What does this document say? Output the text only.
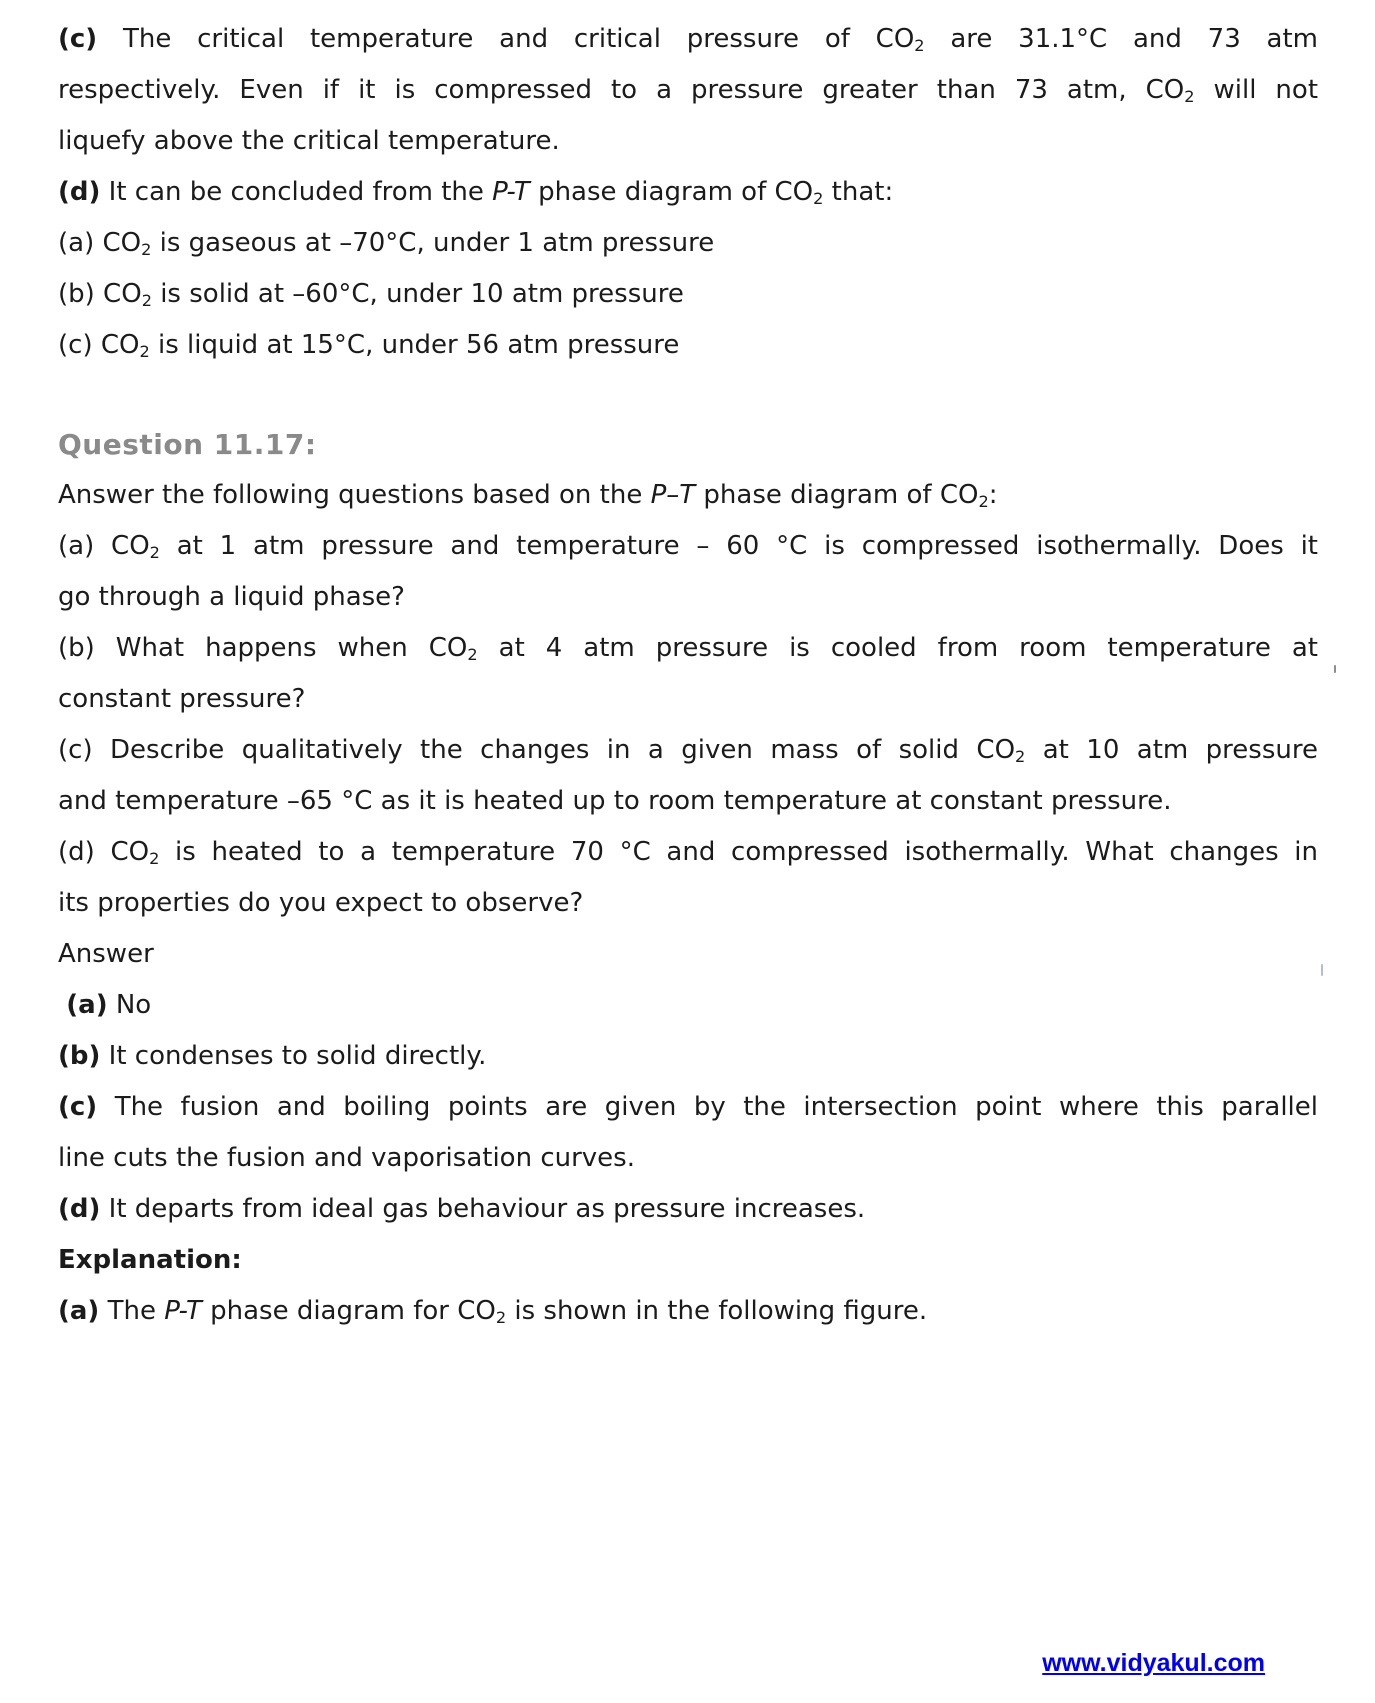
(c) The critical temperature and critical pressure of CO2 are 31.1°C and 73 atm
respectively. Even if it is compressed to a pressure greater than 73 atm, CO2 will not
liquefy above the critical temperature.
(d) It can be concluded from the P-T phase diagram of CO2 that:
(a) CO2 is gaseous at –70°C, under 1 atm pressure
(b) CO2 is solid at –60°C, under 10 atm pressure
(c) CO2 is liquid at 15°C, under 56 atm pressure
Question 11.17:
Answer the following questions based on the P–T phase diagram of CO2:
(a) CO2 at 1 atm pressure and temperature – 60 °C is compressed isothermally. Does it
go through a liquid phase?
(b) What happens when CO2 at 4 atm pressure is cooled from room temperature at
constant pressure?
(c) Describe qualitatively the changes in a given mass of solid CO2 at 10 atm pressure
and temperature –65 °C as it is heated up to room temperature at constant pressure.
(d) CO2 is heated to a temperature 70 °C and compressed isothermally. What changes in
its properties do you expect to observe?
Answer
(a) No
(b) It condenses to solid directly.
(c) The fusion and boiling points are given by the intersection point where this parallel
line cuts the fusion and vaporisation curves.
(d) It departs from ideal gas behaviour as pressure increases.
Explanation:
(a) The P-T phase diagram for CO2 is shown in the following figure.
www.vidyakul.com
